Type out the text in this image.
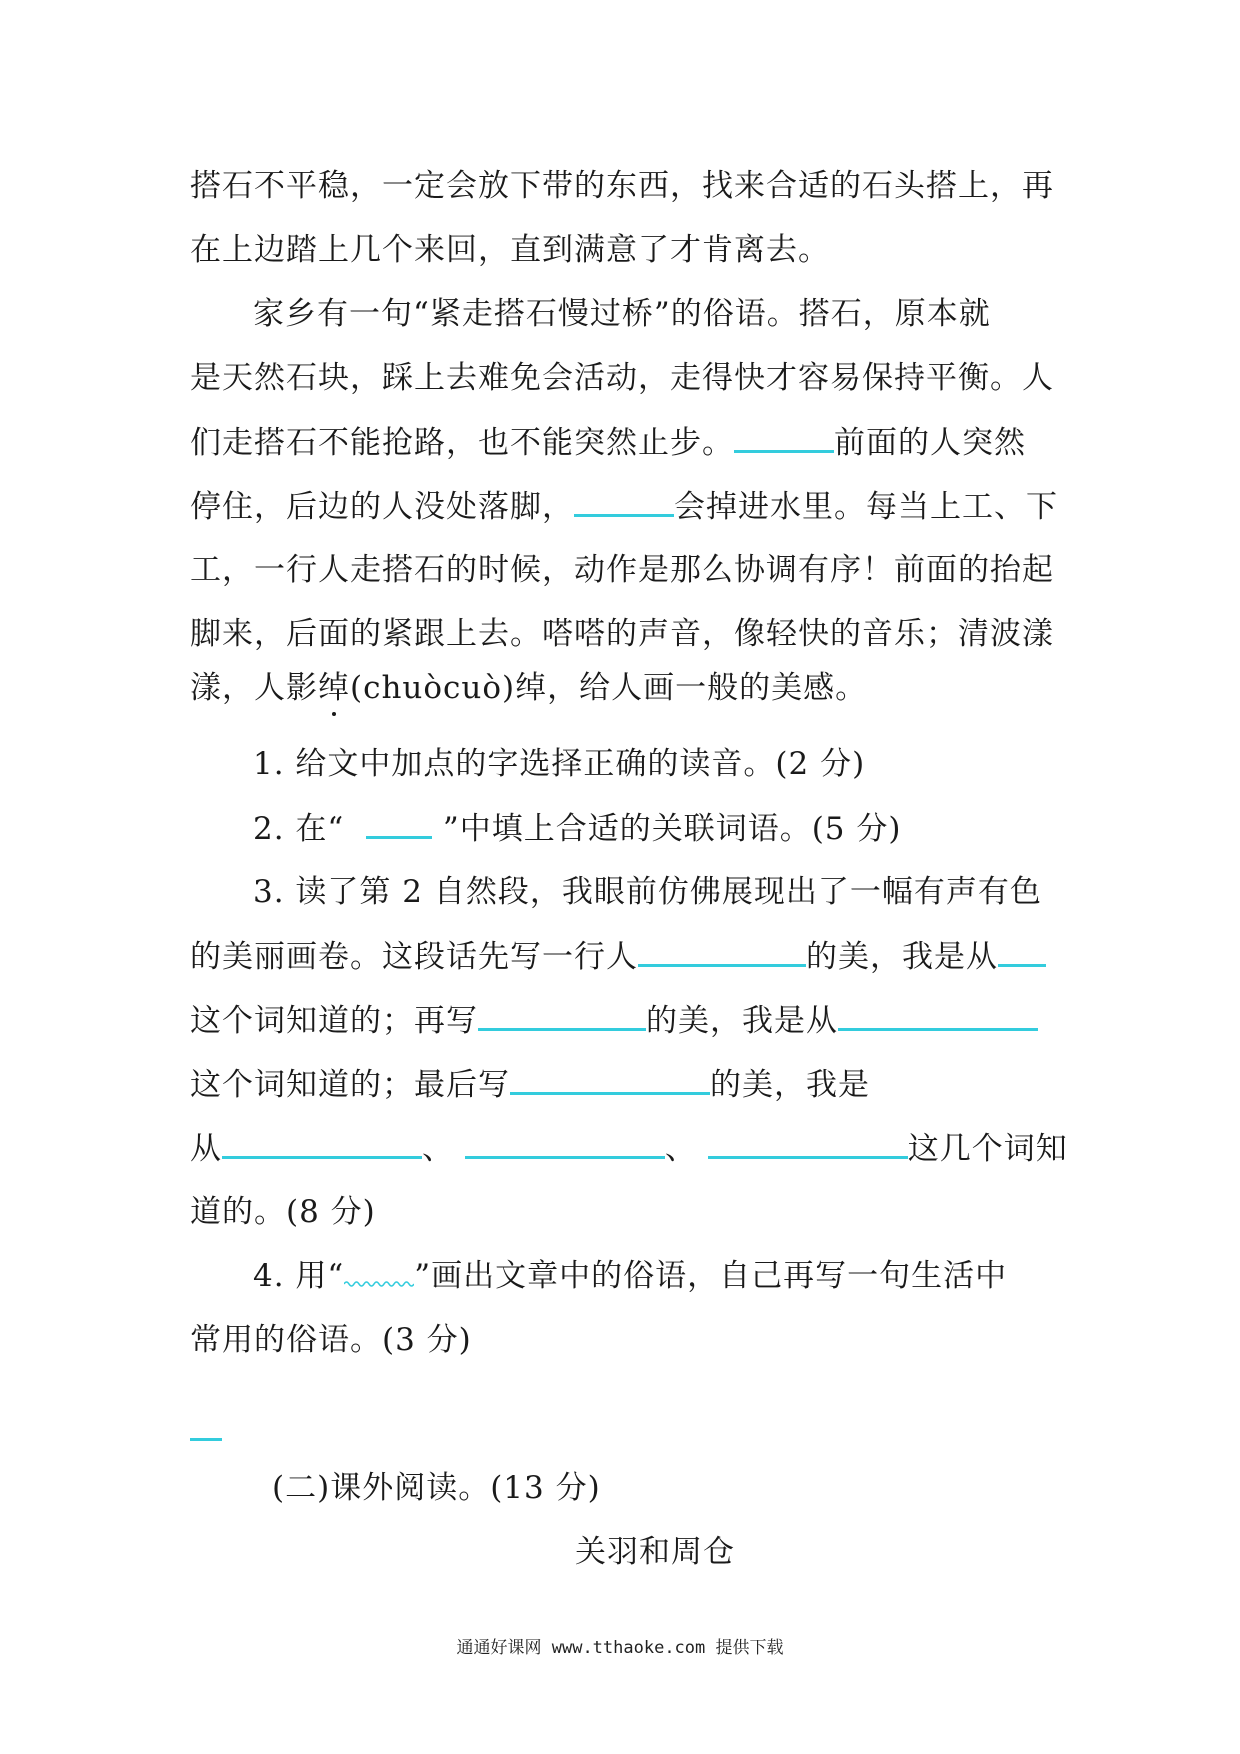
搭石不平稳，一定会放下带的东西，找来合适的石头搭上，再
在上边踏上几个来回，直到满意了才肯离去。
家乡有一句“紧走搭石慢过桥”的俗语。搭石，原本就
是天然石块，踩上去难免会活动，走得快才容易保持平衡。人
们走搭石不能抢路，也不能突然止步。	前面的人突然
停住，后边的人没处落脚，	会掉进水里。每当上工、下
工，一行人走搭石的时候，动作是那么协调有序！前面的抬起
脚来，后面的紧跟上去。嗒嗒的声音，像轻快的音乐；清波漾
漾，人影绰(chuòcuò)绰，给人画一般的美感。
1. 给文中加点的字选择正确的读音。(2 分)
2. 在“	”中填上合适的关联词语。(5 分)
3. 读了第 2 自然段，我眼前仿佛展现出了一幅有声有色
的美丽画卷。这段话先写一行人	的美，我是从
这个词知道的；再写	的美，我是从
这个词知道的；最后写	的美，我是
从	、	、	这几个词知
道的。(8 分)
4. 用“ ”画出文章中的俗语，自己再写一句生活中
常用的俗语。(3 分)
(二)课外阅读。(13 分)
关羽和周仓
通通好课网 www.tthaoke.com 提供下载
